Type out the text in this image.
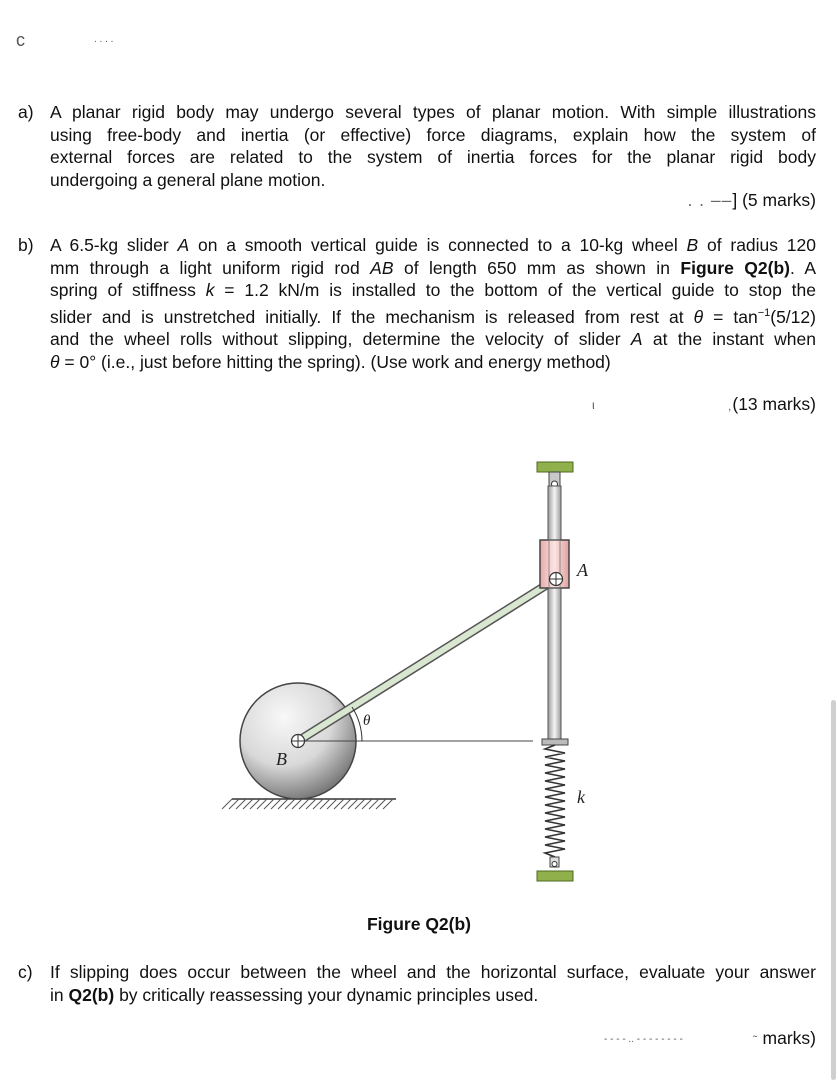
c	. . . .
a) A planar rigid body may undergo several types of planar motion. With simple illustrations
using free-body and inertia (or effective) force diagrams, explain how the system of
external forces are related to the system of inertia forces for the planar rigid body
undergoing a general plane motion.
. . ‒‒] (5 marks)
b) A 6.5-kg slider A on a smooth vertical guide is connected to a 10-kg wheel B of radius 120
mm through a light uniform rigid rod AB of length 650 mm as shown in Figure Q2(b). A
spring of stiffness k = 1.2 kN/m is installed to the bottom of the vertical guide to stop the
slider and is unstretched initially. If the mechanism is released from rest at $\theta = \tan^{-1}(5/12)$
and the wheel rolls without slipping, determine the velocity of slider A at the instant when
θ = 0° (i.e., just before hitting the spring). (Use work and energy method)
ι	,(13 marks)
A
B
θ
k
Figure Q2(b)
c) If slipping does occur between the wheel and the horizontal surface, evaluate your answer
in Q2(b) by critically reassessing your dynamic principles used.
‐ ‐ ‐ ‐ .. ‐ ‐ ‐ ‐ ‐ ‐ ‐ ‐	˜ marks)
